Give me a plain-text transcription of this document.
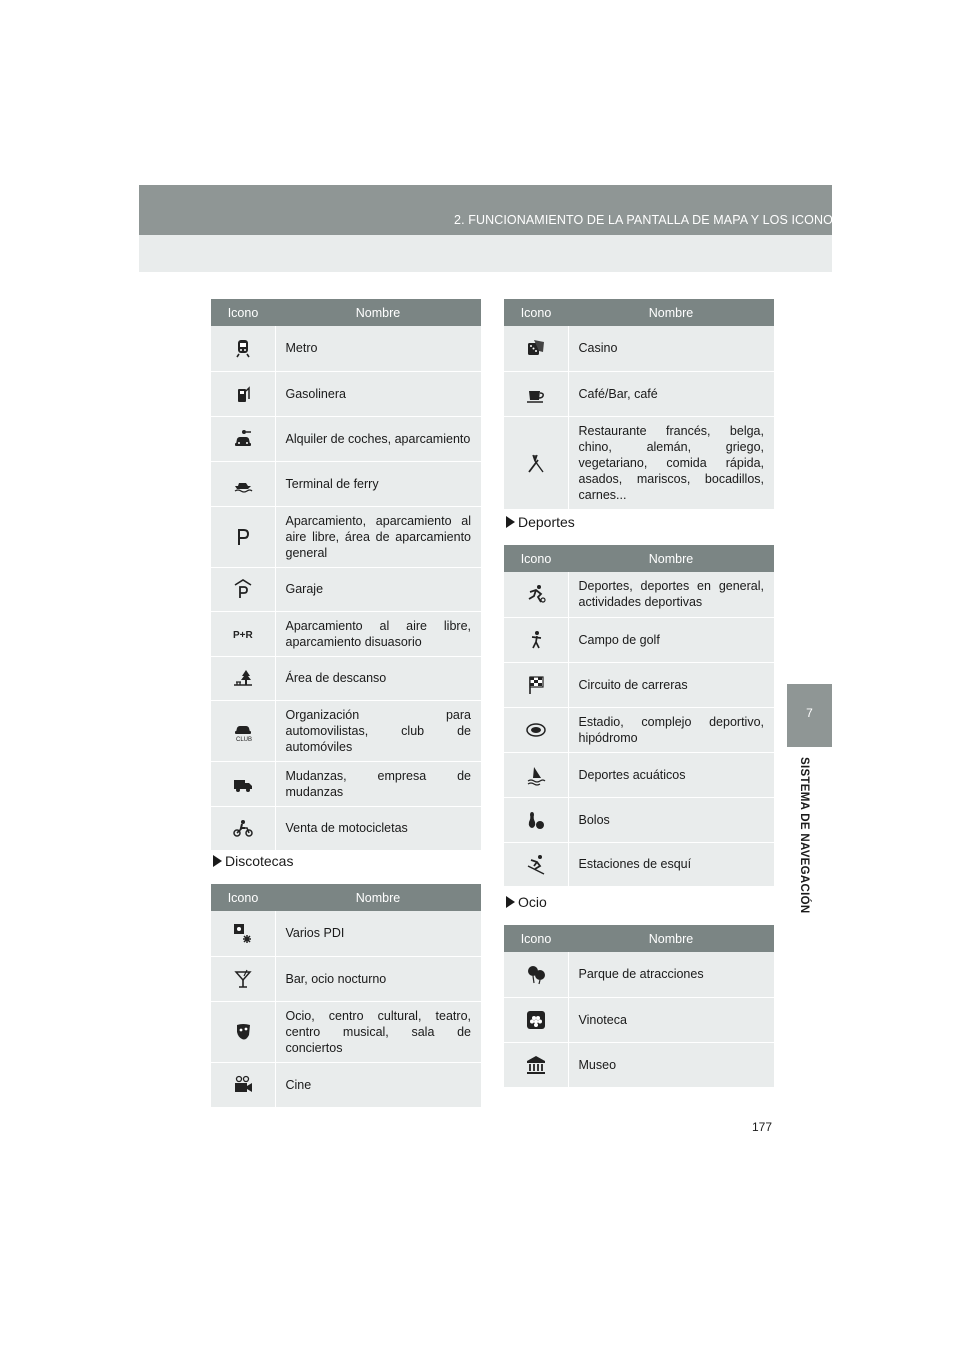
2. FUNCIONAMIENTO DE LA PANTALLA DE MAPA Y LOS ICONOS DE MAPA
7
SISTEMA DE NAVEGACIÓN
Icono	Nombre

	Metro

	Gasolinera

	Alquiler de coches, aparcamiento

	Terminal de ferry

	Aparcamiento, aparcamiento al aire libre, área de aparcamiento general

	Garaje

P+R	Aparcamiento al aire libre, aparcamiento disuasorio

	Área de descanso

CLUB	Organización para automovilistas, club de automóviles

	Mudanzas, empresa de mudanzas

	Venta de motocicletas
Discotecas
Icono	Nombre

	Varios PDI

	Bar, ocio nocturno

	Ocio, centro cultural, teatro, centro musical, sala de conciertos

	Cine
Icono	Nombre

	Casino

	Café/Bar, café

	Restaurante francés, belga, chino, alemán, griego, vegetariano, comida rápida, asados, mariscos, bocadillos, carnes...
Deportes
Icono	Nombre

	Deportes, deportes en general, actividades deportivas

	Campo de golf

	Circuito de carreras

	Estadio, complejo deportivo, hipódromo

	Deportes acuáticos

	Bolos

	Estaciones de esquí
Ocio
Icono	Nombre

	Parque de atracciones

	Vinoteca

	Museo
177
